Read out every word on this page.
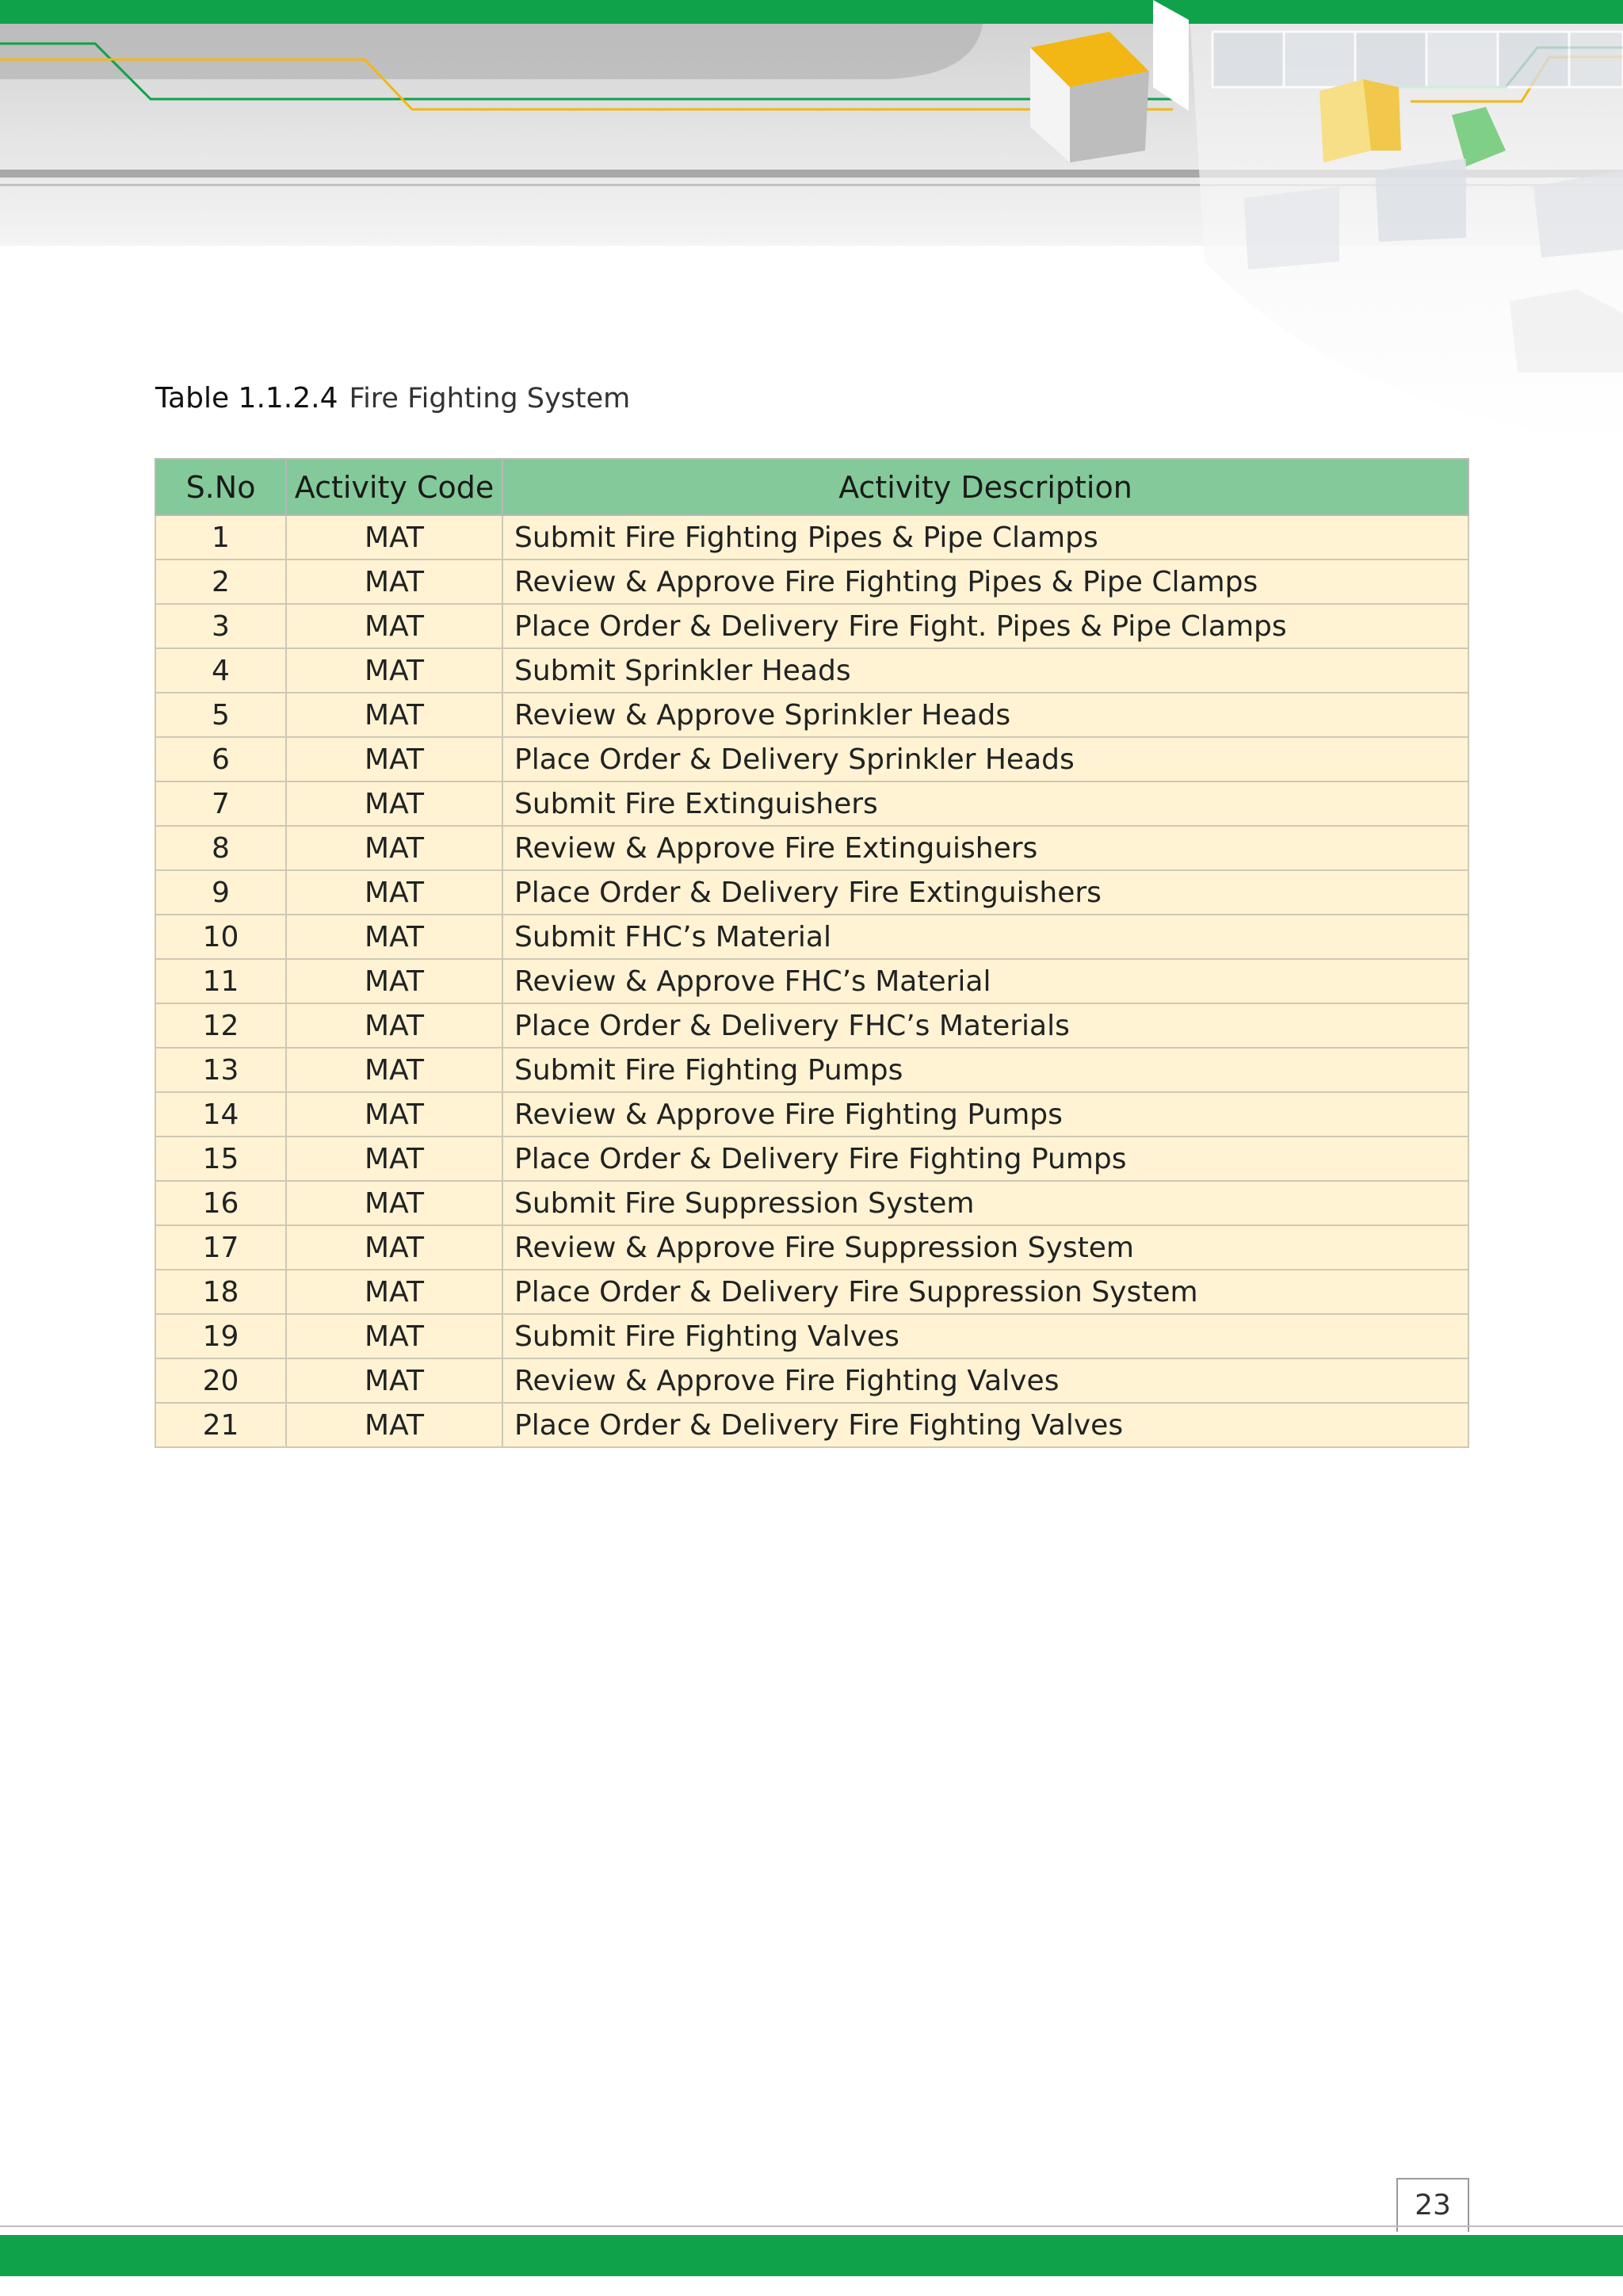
Table 1.1.2.4 Fire Fighting System
S.No	Activity Code	Activity Description
1	MAT	Submit Fire Fighting Pipes & Pipe Clamps
2	MAT	Review & Approve Fire Fighting Pipes & Pipe Clamps
3	MAT	Place Order & Delivery Fire Fight. Pipes & Pipe Clamps
4	MAT	Submit Sprinkler Heads
5	MAT	Review & Approve Sprinkler Heads
6	MAT	Place Order & Delivery Sprinkler Heads
7	MAT	Submit Fire Extinguishers
8	MAT	Review & Approve Fire Extinguishers
9	MAT	Place Order & Delivery Fire Extinguishers
10	MAT	Submit FHC’s Material
11	MAT	Review & Approve FHC’s Material
12	MAT	Place Order & Delivery FHC’s Materials
13	MAT	Submit Fire Fighting Pumps
14	MAT	Review & Approve Fire Fighting Pumps
15	MAT	Place Order & Delivery Fire Fighting Pumps
16	MAT	Submit Fire Suppression System
17	MAT	Review & Approve Fire Suppression System
18	MAT	Place Order & Delivery Fire Suppression System
19	MAT	Submit Fire Fighting Valves
20	MAT	Review & Approve Fire Fighting Valves
21	MAT	Place Order & Delivery Fire Fighting Valves
23
